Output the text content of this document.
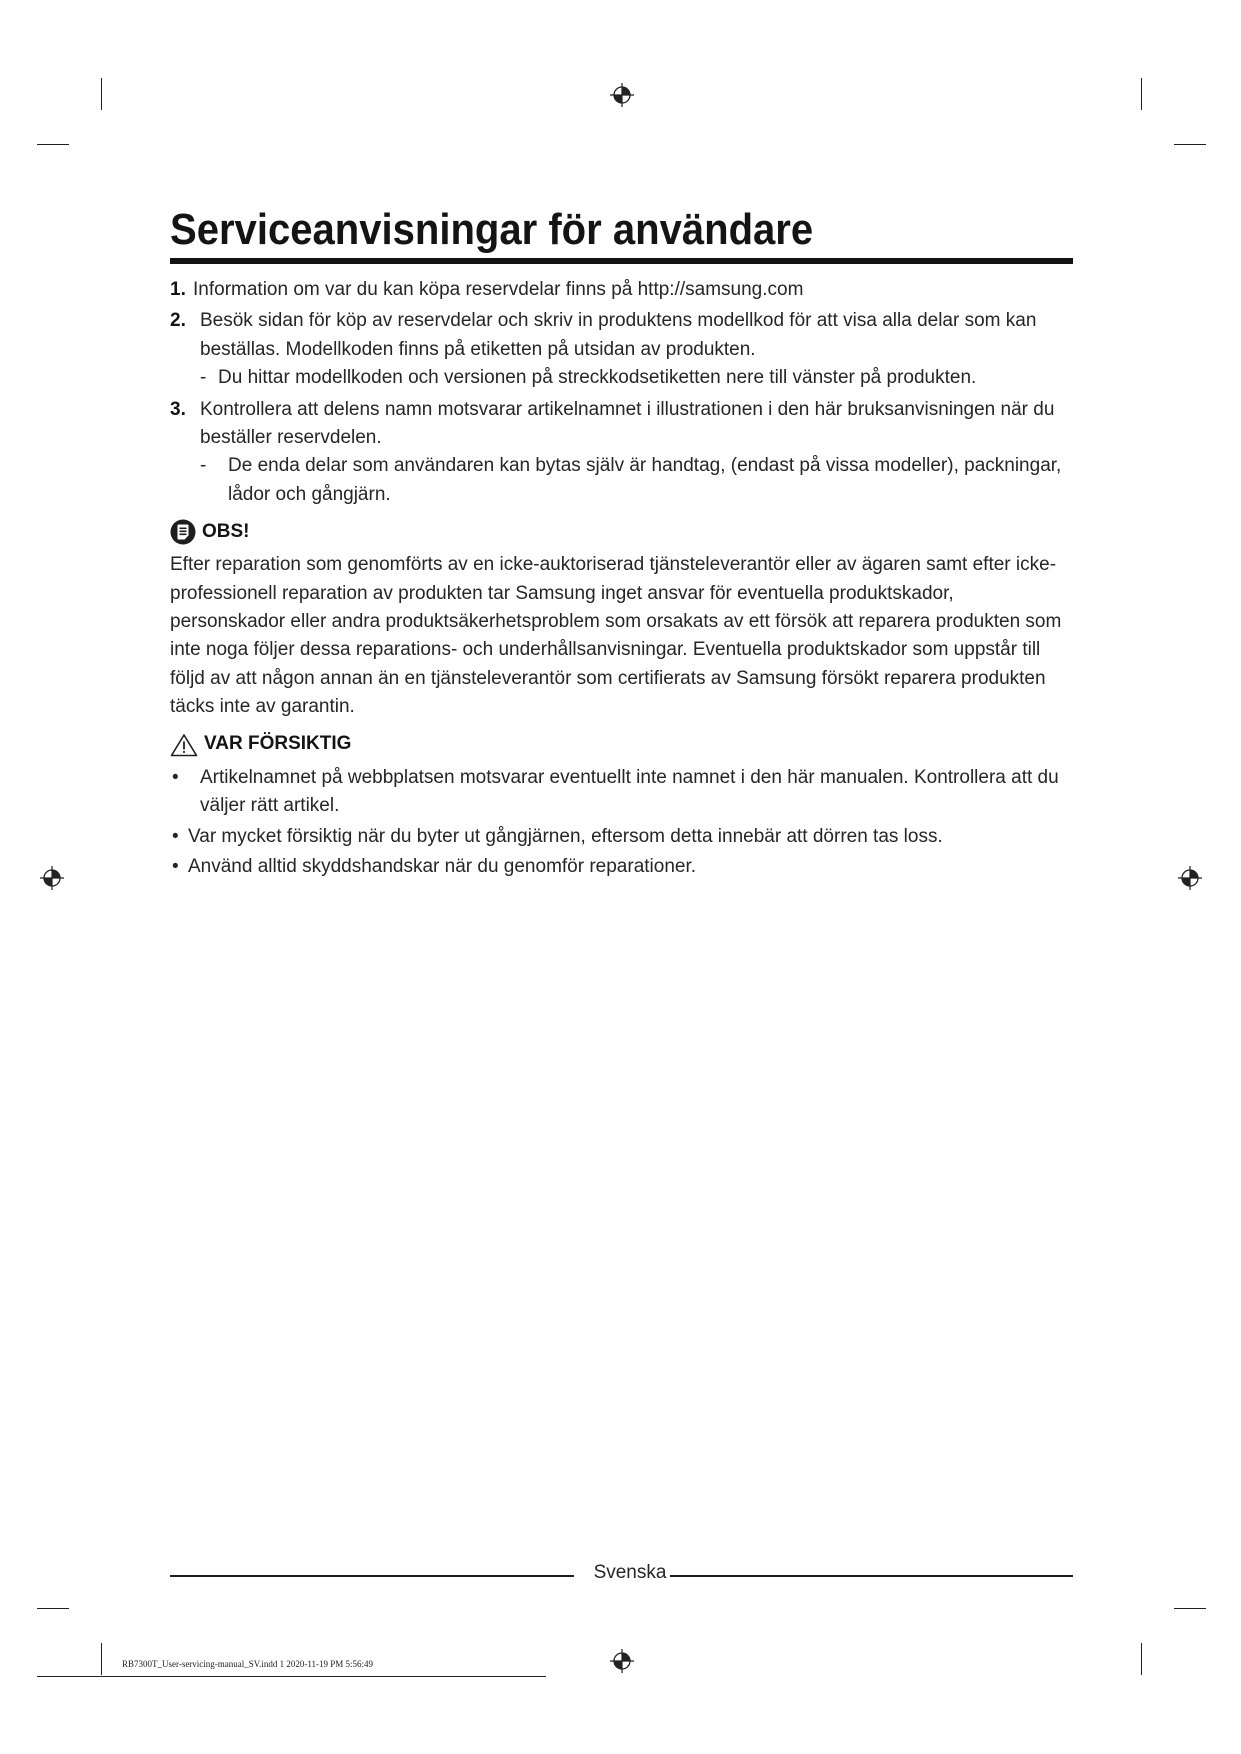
Serviceanvisningar för användare
1. Information om var du kan köpa reservdelar finns på http://samsung.com
2. Besök sidan för köp av reservdelar och skriv in produktens modellkod för att visa alla delar som kan beställas. Modellkoden finns på etiketten på utsidan av produkten.
- Du hittar modellkoden och versionen på streckkodsetiketten nere till vänster på produkten.
3. Kontrollera att delens namn motsvarar artikelnamnet i illustrationen i den här bruksanvisningen när du beställer reservdelen.
- De enda delar som användaren kan bytas själv är handtag, (endast på vissa modeller), packningar, lådor och gångjärn.
OBS!
Efter reparation som genomförts av en icke-auktoriserad tjänsteleverantör eller av ägaren samt efter icke-professionell reparation av produkten tar Samsung inget ansvar för eventuella produktskador, personskador eller andra produktsäkerhetsproblem som orsakats av ett försök att reparera produkten som inte noga följer dessa reparations- och underhållsanvisningar. Eventuella produktskador som uppstår till följd av att någon annan än en tjänsteleverantör som certifierats av Samsung försökt reparera produkten täcks inte av garantin.
VAR FÖRSIKTIG
• Artikelnamnet på webbplatsen motsvarar eventuellt inte namnet i den här manualen. Kontrollera att du väljer rätt artikel.
• Var mycket försiktig när du byter ut gångjärnen, eftersom detta innebär att dörren tas loss.
• Använd alltid skyddshandskar när du genomför reparationer.
Svenska
RB7300T_User-servicing-manual_SV.indd 1 2020-11-19 PM 5:56:49
